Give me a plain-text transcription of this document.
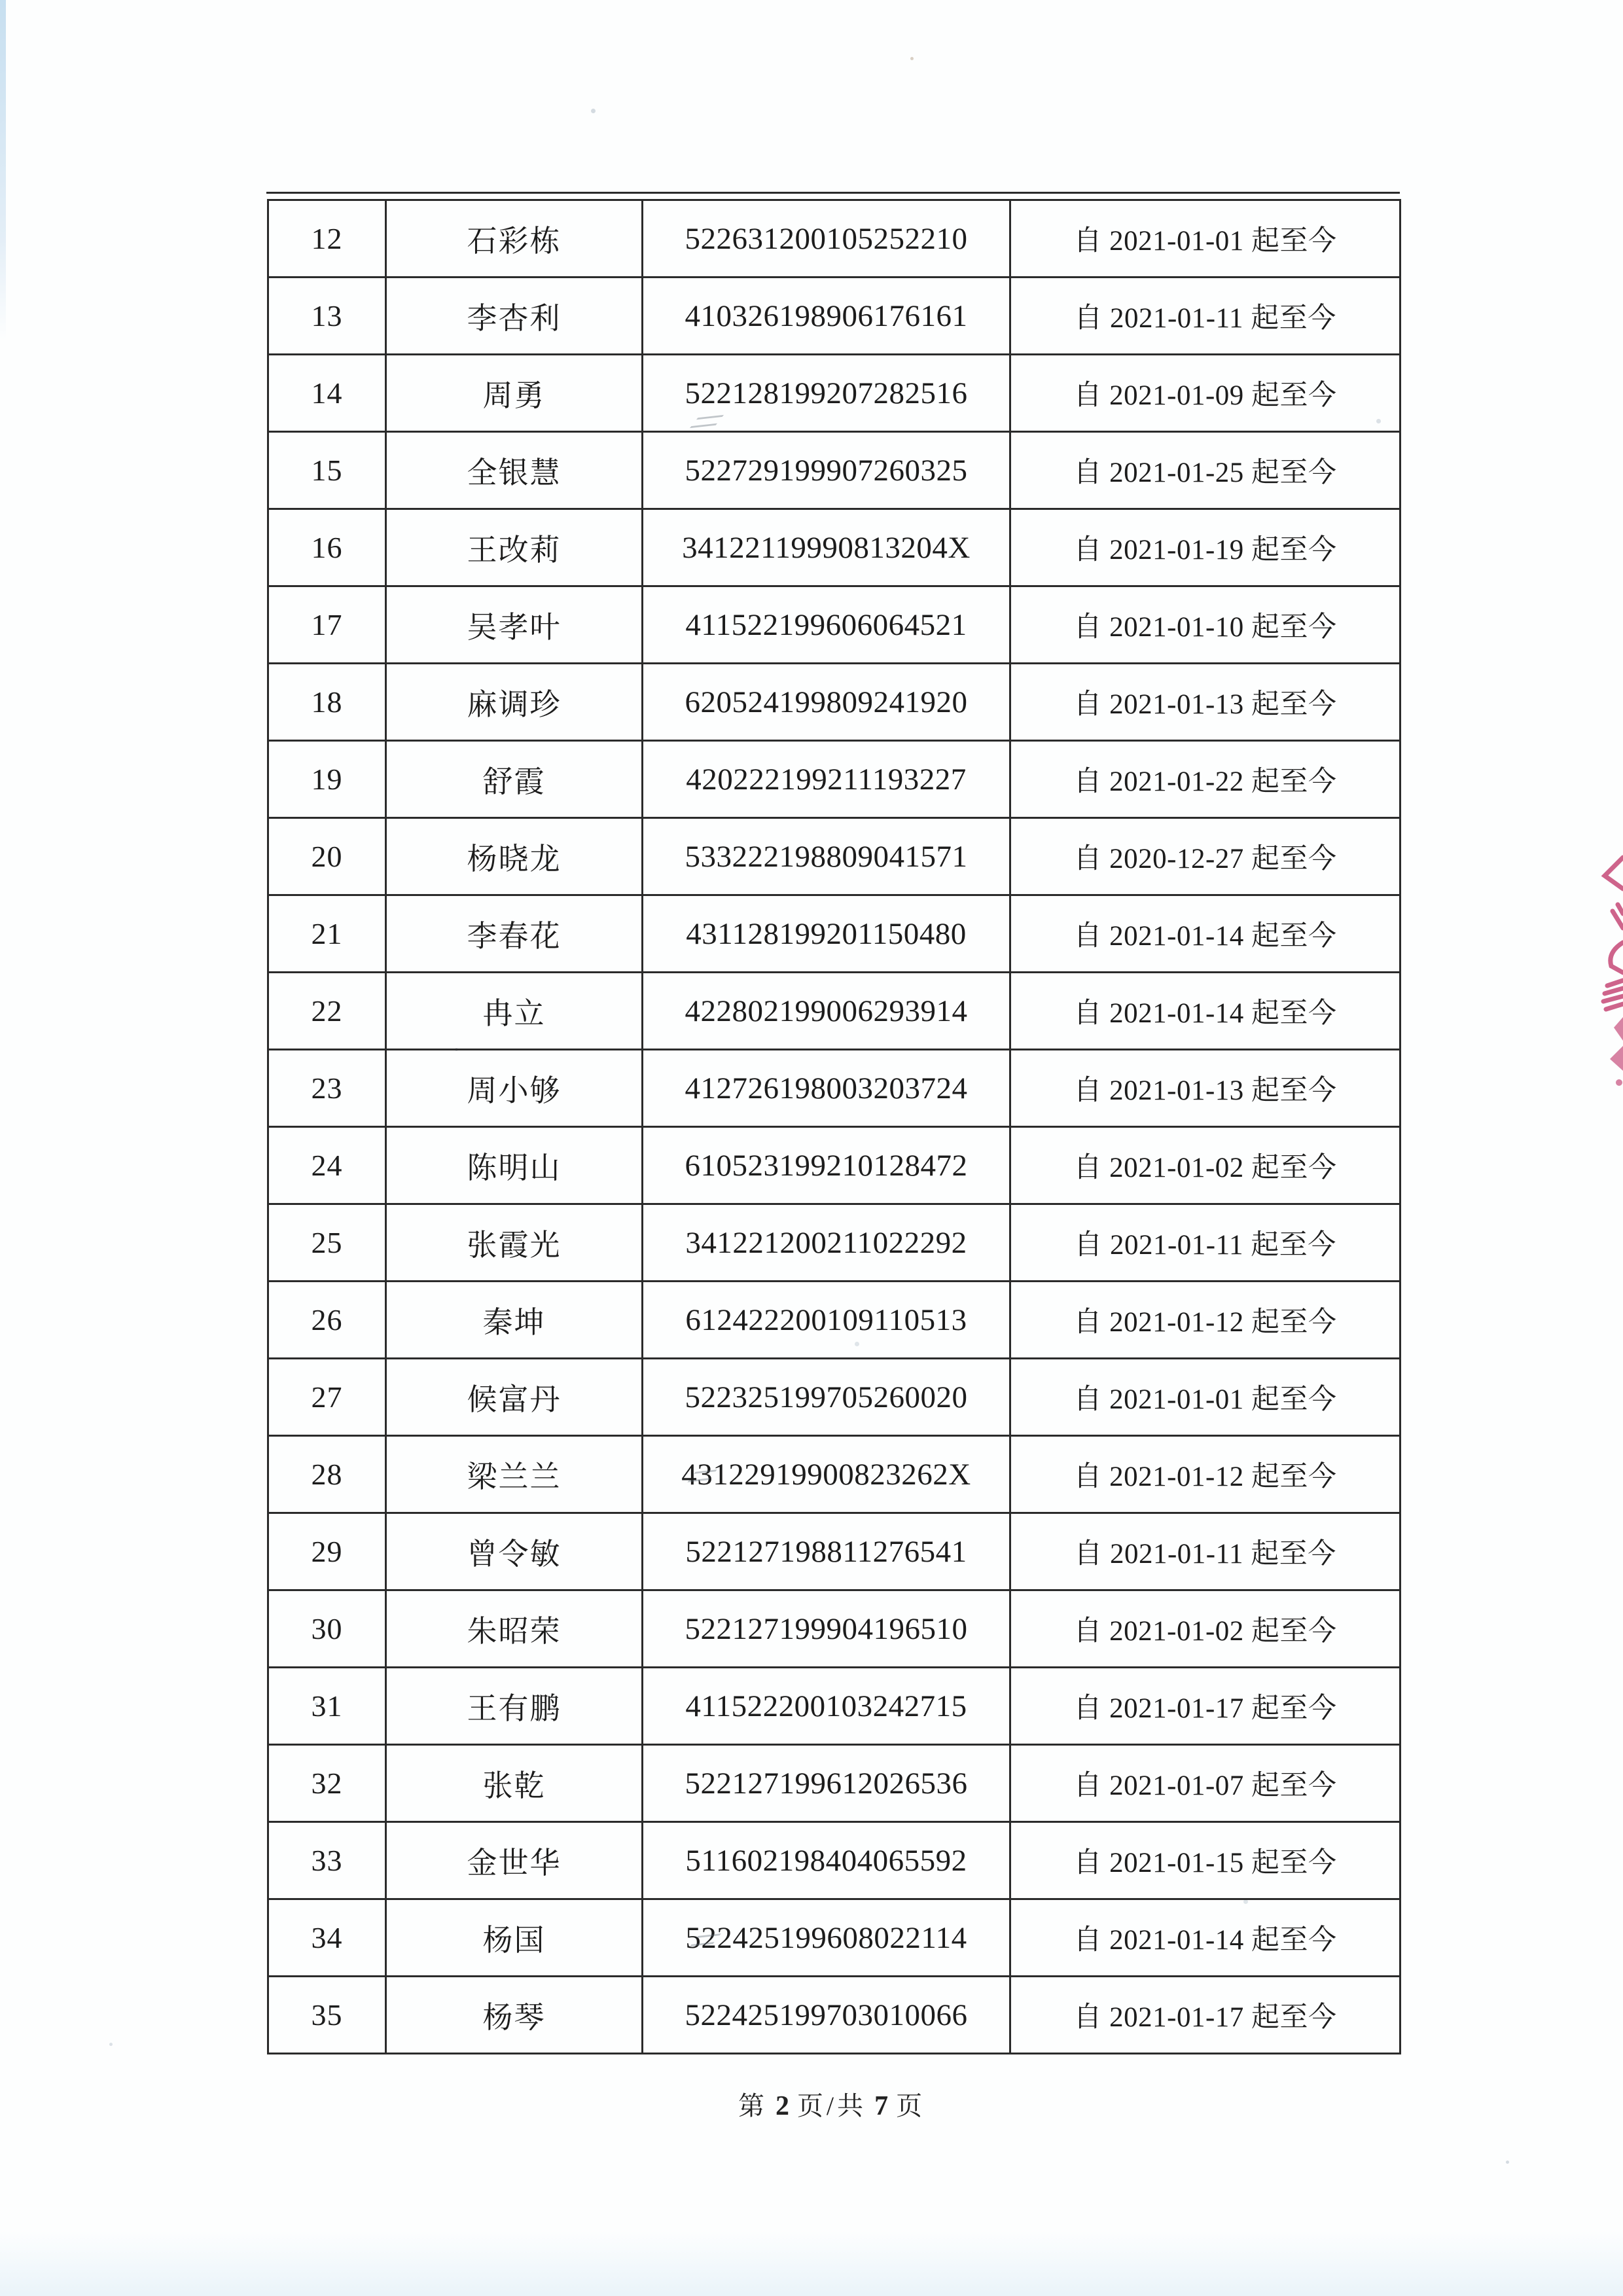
12	石彩栋	522631200105252210	自 2021-01-01 起至今
13	李杏利	410326198906176161	自 2021-01-11 起至今
14	周勇	522128199207282516	自 2021-01-09 起至今
15	全银慧	522729199907260325	自 2021-01-25 起至今
16	王改莉	34122119990813204X	自 2021-01-19 起至今
17	吴孝叶	411522199606064521	自 2021-01-10 起至今
18	麻调珍	620524199809241920	自 2021-01-13 起至今
19	舒霞	420222199211193227	自 2021-01-22 起至今
20	杨晓龙	533222198809041571	自 2020-12-27 起至今
21	李春花	431128199201150480	自 2021-01-14 起至今
22	冉立	422802199006293914	自 2021-01-14 起至今
23	周小够	412726198003203724	自 2021-01-13 起至今
24	陈明山	610523199210128472	自 2021-01-02 起至今
25	张霞光	341221200211022292	自 2021-01-11 起至今
26	秦坤	612422200109110513	自 2021-01-12 起至今
27	候富丹	522325199705260020	自 2021-01-01 起至今
28	梁兰兰	43122919900823262X	自 2021-01-12 起至今
29	曾令敏	522127198811276541	自 2021-01-11 起至今
30	朱昭荣	522127199904196510	自 2021-01-02 起至今
31	王有鹏	411522200103242715	自 2021-01-17 起至今
32	张乾	522127199612026536	自 2021-01-07 起至今
33	金世华	511602198404065592	自 2021-01-15 起至今
34	杨国	522425199608022114	自 2021-01-14 起至今
35	杨琴	522425199703010066	自 2021-01-17 起至今
第 2 页/共 7 页
